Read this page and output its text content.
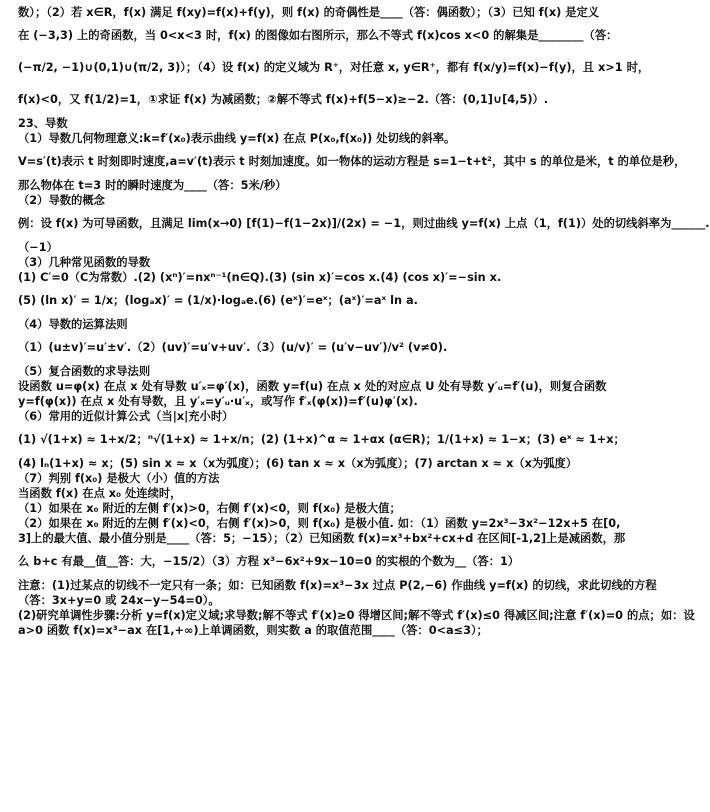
数）；（2）若 x∈R，f(x) 满足 f(xy)=f(x)+f(y)，则 f(x) 的奇偶性是____（答：偶函数）；（3）已知 f(x) 是定义

在 (−3,3) 上的奇函数，当 0<x<3 时，f(x) 的图像如右图所示，那么不等式 f(x)cos x<0 的解集是________（答：

(−π/2, −1)∪(0,1)∪(π/2, 3)）；（4）设 f(x) 的定义域为 R⁺，对任意 x, y∈R⁺，都有 f(x/y)=f(x)−f(y)，且 x>1 时，

f(x)<0，又 f(1/2)=1，①求证 f(x) 为减函数；②解不等式 f(x)+f(5−x)≥−2.（答：(0,1]∪[4,5)）.

23、导数

（1）导数几何物理意义:k=f′(x₀)表示曲线 y=f(x) 在点 P(x₀,f(x₀)) 处切线的斜率。

V=s′(t)表示 t 时刻即时速度,a=v′(t)表示 t 时刻加速度。如一物体的运动方程是 s=1−t+t²，其中 s 的单位是米，t 的单位是秒，

那么物体在 t=3 时的瞬时速度为____（答：5米/秒）

（2）导数的概念

例：设 f(x) 为可导函数，且满足 lim(x→0) [f(1)−f(1−2x)]/(2x) = −1，则过曲线 y=f(x) 上点（1，f(1)）处的切线斜率为______.

（−1）

（3）几种常见函数的导数

(1) C′=0（C为常数）.(2) (xⁿ)′=nxⁿ⁻¹(n∈Q).(3) (sin x)′=cos x.(4) (cos x)′=−sin x.

(5) (ln x)′ = 1/x；(logₐx)′ = (1/x)·logₐe.(6) (eˣ)′=eˣ；(aˣ)′=aˣ ln a.

（4）导数的运算法则

（1）(u±v)′=u′±v′.（2）(uv)′=u′v+uv′.（3）(u/v)′ = (u′v−uv′)/v² (v≠0).

（5）复合函数的求导法则

设函数 u=φ(x) 在点 x 处有导数 u′ₓ=φ′(x)，函数 y=f(u) 在点 x 处的对应点 U 处有导数 y′ᵤ=f′(u)，则复合函数

y=f(φ(x)) 在点 x 处有导数，且 y′ₓ=y′ᵤ·u′ₓ，或写作 f′ₓ(φ(x))=f′(u)φ′(x).

（6）常用的近似计算公式（当|x|充小时）

(1) √(1+x) ≈ 1+x/2；ⁿ√(1+x) ≈ 1+x/n；(2) (1+x)^α ≈ 1+αx (α∈R)；1/(1+x) ≈ 1−x；(3) eˣ ≈ 1+x；

(4) lₙ(1+x) ≈ x；(5) sin x ≈ x（x为弧度）；(6) tan x ≈ x（x为弧度）；(7) arctan x ≈ x（x为弧度）

（7）判别 f(x₀) 是极大（小）值的方法

当函数 f(x) 在点 x₀ 处连续时，

（1）如果在 x₀ 附近的左侧 f′(x)>0，右侧 f′(x)<0，则 f(x₀) 是极大值；

（2）如果在 x₀ 附近的左侧 f′(x)<0，右侧 f′(x)>0，则 f(x₀) 是极小值. 如：（1）函数 y=2x³−3x²−12x+5 在[0,

3]上的最大值、最小值分别是____（答：5；−15）；（2）已知函数 f(x)=x³+bx²+cx+d 在区间[-1,2]上是减函数，那

么 b+c 有最__值__答：大，−15/2）（3）方程 x³−6x²+9x−10=0 的实根的个数为__（答：1）

注意：(1)过某点的切线不一定只有一条；如：已知函数 f(x)=x³−3x 过点 P(2,−6) 作曲线 y=f(x) 的切线，求此切线的方程

（答：3x+y=0 或 24x−y−54=0）。

(2)研究单调性步骤:分析 y=f(x)定义域;求导数;解不等式 f′(x)≥0 得增区间;解不等式 f′(x)≤0 得减区间;注意 f′(x)=0 的点；如：设

a>0 函数 f(x)=x³−ax 在[1,+∞)上单调函数，则实数 a 的取值范围____（答：0<a≤3）；
